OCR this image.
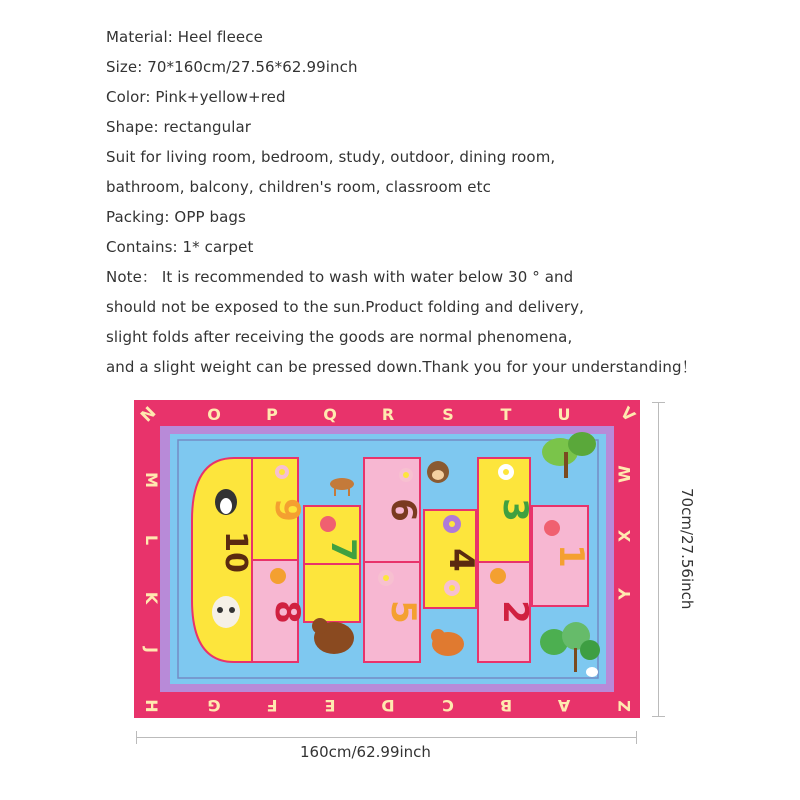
Material: Heel fleece
Size: 70*160cm/27.56*62.99inch
Color: Pink+yellow+red
Shape: rectangular
Suit for living room, bedroom, study, outdoor, dining room,
bathroom, balcony, children's room, classroom etc
Packing: OPP bags
Contains: 1* carpet
Note： It is recommended to wash with water below 30 ° and
should not be exposed to the sun.Product folding and delivery,
slight folds after receiving the goods are normal phenomena,
and a slight weight can be pressed down.Thank you for your understanding！
10
9
8
7
6
5
4
3
2
1
N	O	P	Q	R	S	T	U	V
H	G	F	E	D	C	B	A	Z
M
L
K
J
W
X
Y	70cm/27.56inch
160cm/62.99inch
